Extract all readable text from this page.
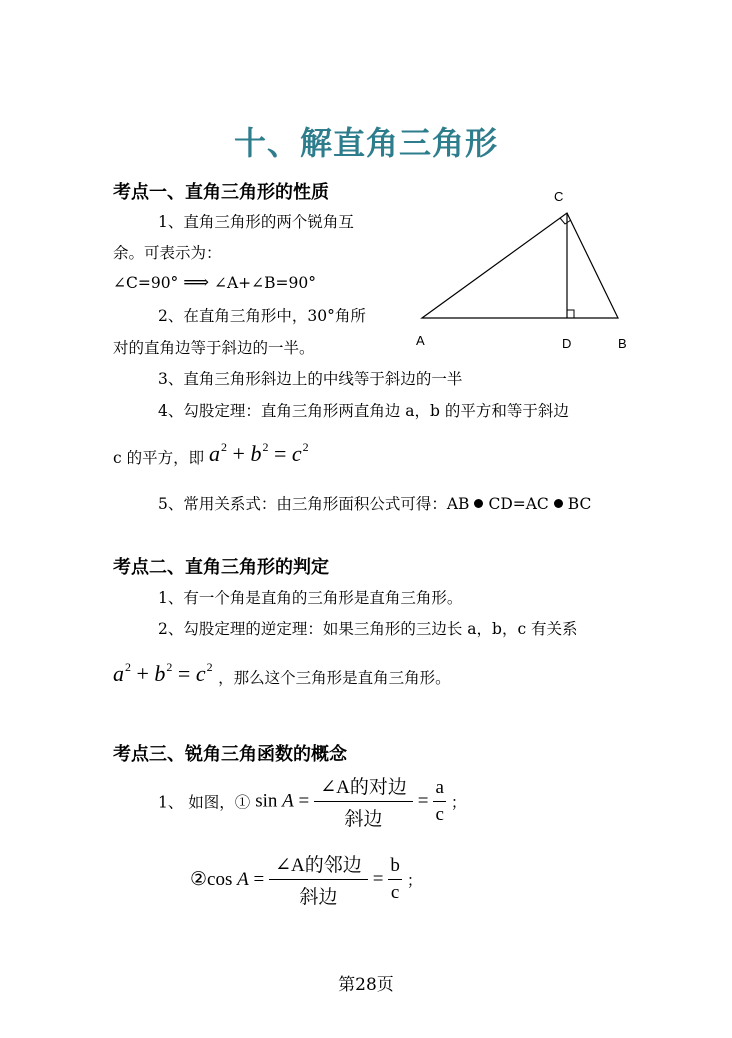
十、解直角三角形
考点一、直角三角形的性质
1、直角三角形的两个锐角互
余。可表示为：
∠C=90° ⟹ ∠A+∠B=90°
2、在直角三角形中，30°角所
对的直角边等于斜边的一半。
C
A	D	B
3、直角三角形斜边上的中线等于斜边的一半
4、勾股定理：直角三角形两直角边 a，b 的平方和等于斜边
c 的平方，即 $a^2 + b^2 = c^2$
5、常用关系式：由三角形面积公式可得：AB CD=AC BC
考点二、直角三角形的判定
1、有一个角是直角的三角形是直角三角形。
2、勾股定理的逆定理：如果三角形的三边长 a，b，c 有关系
$a^2 + b^2 = c^2$ ，那么这个三角形是直角三角形。
考点三、锐角三角函数的概念
1、 如图，① $\sin A = \frac{\text{∠A的对边}}{\text{斜边}} = \frac{a}{c}$ ；
②cos $A = \frac{\text{∠A的邻边}}{\text{斜边}} = \frac{b}{c}$ ；
第28页
